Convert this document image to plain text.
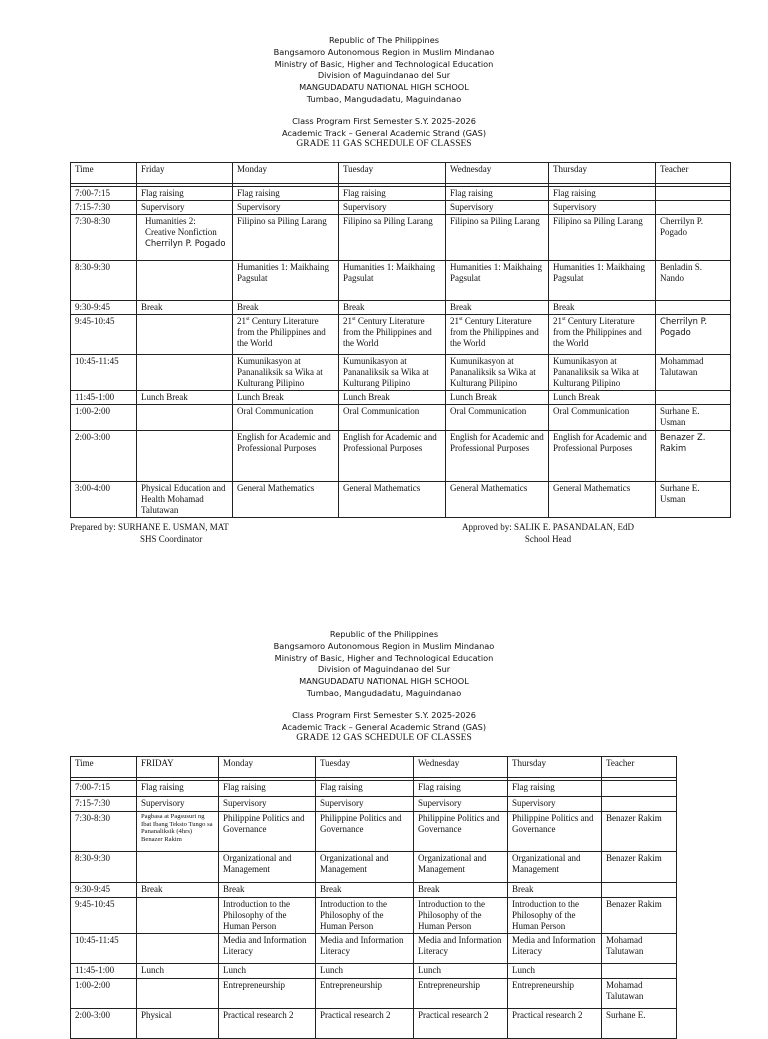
Republic of The Philippines
Bangsamoro Autonomous Region in Muslim Mindanao
Ministry of Basic, Higher and Technological Education
Division of Maguindanao del Sur
MANGUDADATU NATIONAL HIGH SCHOOL
Tumbao, Mangudadatu, Maguindanao
Class Program First Semester S.Y. 2025-2026
Academic Track – General Academic Strand (GAS)
GRADE 11 GAS SCHEDULE OF CLASSES
Time	Friday	Monday	Tuesday	Wednesday	Thursday	Teacher

7:00-7:15	Flag raising	Flag raising	Flag raising	Flag raising	Flag raising	
7:15-7:30	Supervisory	Supervisory	Supervisory	Supervisory	Supervisory	
7:30-8:30	Humanities 2: Creative Nonfiction
Cherrilyn P. Pogado	Filipino sa Piling Larang	Filipino sa Piling Larang	Filipino sa Piling Larang	Filipino sa Piling Larang	Cherrilyn P. Pogado
8:30-9:30		Humanities 1: Maikhaing Pagsulat	Humanities 1: Maikhaing Pagsulat	Humanities 1: Maikhaing Pagsulat	Humanities 1: Maikhaing Pagsulat	Benladin S. Nando
9:30-9:45	Break	Break	Break	Break	Break	
9:45-10:45		21st Century Literature from the Philippines and the World	21st Century Literature from the Philippines and the World	21st Century Literature from the Philippines and the World	21st Century Literature from the Philippines and the World	Cherrilyn P. Pogado
10:45-11:45		Kumunikasyon at Pananaliksik sa Wika at Kulturang Pilipino	Kumunikasyon at Pananaliksik sa Wika at Kulturang Pilipino	Kumunikasyon at Pananaliksik sa Wika at Kulturang Pilipino	Kumunikasyon at Pananaliksik sa Wika at Kulturang Pilipino	Mohammad Talutawan
11:45-1:00	Lunch Break	Lunch Break	Lunch Break	Lunch Break	Lunch Break	
1:00-2:00		Oral Communication	Oral Communication	Oral Communication	Oral Communication	Surhane E. Usman
2:00-3:00		English for Academic and Professional Purposes	English for Academic and Professional Purposes	English for Academic and Professional Purposes	English for Academic and Professional Purposes	Benazer Z. Rakim
3:00-4:00	Physical Education and Health Mohamad Talutawan	General Mathematics	General Mathematics	General Mathematics	General Mathematics	Surhane E. Usman
Prepared by: SURHANE E. USMAN, MAT
SHS Coordinator
Approved by: SALIK E. PASANDALAN, EdD
School Head
Republic of the Philippines
Bangsamoro Autonomous Region in Muslim Mindanao
Ministry of Basic, Higher and Technological Education
Division of Maguindanao del Sur
MANGUDADATU NATIONAL HIGH SCHOOL
Tumbao, Mangudadatu, Maguindanao
Class Program First Semester S.Y. 2025-2026
Academic Track – General Academic Strand (GAS)
GRADE 12 GAS SCHEDULE OF CLASSES
Time	FRIDAY	Monday	Tuesday	Wednesday	Thursday	Teacher

7:00-7:15	Flag raising	Flag raising	Flag raising	Flag raising	Flag raising	
7:15-7:30	Supervisory	Supervisory	Supervisory	Supervisory	Supervisory	
7:30-8:30	Pagbasa at Pagsusuri ng Ibat Ibang Teksto Tungo sa Pananaliksik (4hrs) Benazer Rakim	Philippine Politics and Governance	Philippine Politics and Governance	Philippine Politics and Governance	Philippine Politics and Governance	Benazer Rakim
8:30-9:30		Organizational and Management	Organizational and Management	Organizational and Management	Organizational and Management	Benazer Rakim
9:30-9:45	Break	Break	Break	Break	Break	
9:45-10:45		Introduction to the Philosophy of the Human Person	Introduction to the Philosophy of the Human Person	Introduction to the Philosophy of the Human Person	Introduction to the Philosophy of the Human Person	Benazer Rakim
10:45-11:45		Media and Information Literacy	Media and Information Literacy	Media and Information Literacy	Media and Information Literacy	Mohamad Talutawan
11:45-1:00	Lunch	Lunch	Lunch	Lunch	Lunch	
1:00-2:00		Entrepreneurship	Entrepreneurship	Entrepreneurship	Entrepreneurship	Mohamad Talutawan
2:00-3:00	Physical	Practical research 2	Practical research 2	Practical research 2	Practical research 2	Surhane E.
